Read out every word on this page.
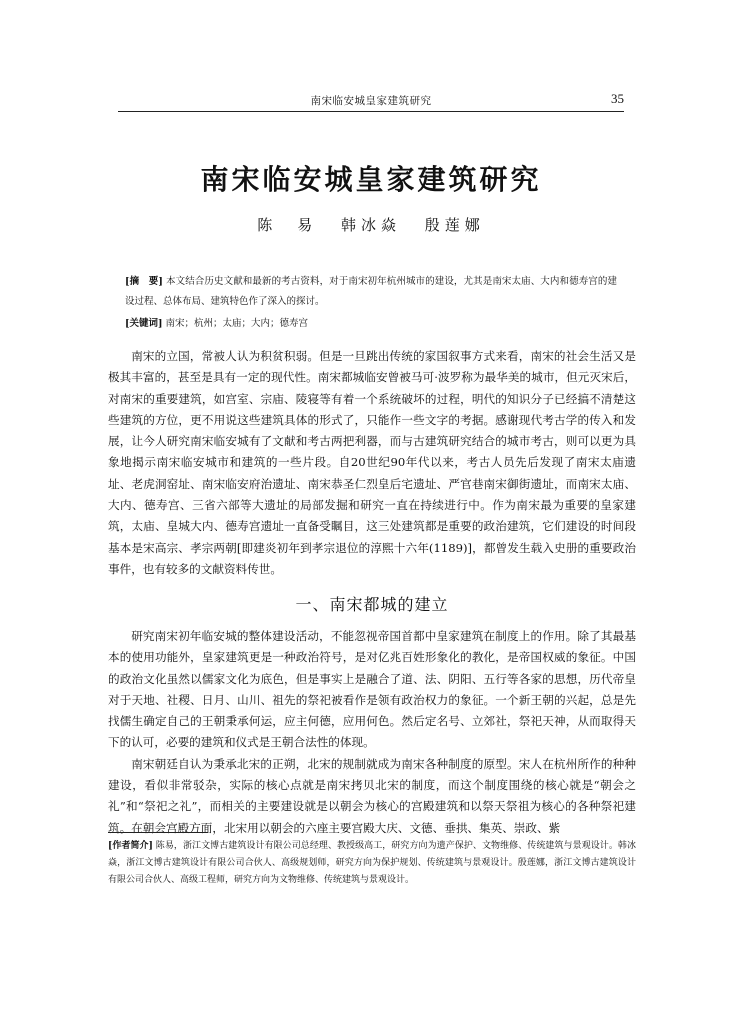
南宋临安城皇家建筑研究	35
南宋临安城皇家建筑研究
陈　易 韩冰焱 殷莲娜
[摘　要] 本文结合历史文献和最新的考古资料，对于南宋初年杭州城市的建设，尤其是南宋太庙、大内和德寿宫的建设过程、总体布局、建筑特色作了深入的探讨。
[关键词] 南宋；杭州；太庙；大内；德寿宫

南宋的立国，常被人认为积贫积弱。但是一旦跳出传统的家国叙事方式来看，南宋的社会生活又是极其丰富的，甚至是具有一定的现代性。南宋都城临安曾被马可·波罗称为最华美的城市，但元灭宋后，对南宋的重要建筑，如宫室、宗庙、陵寝等有着一个系统破坏的过程，明代的知识分子已经搞不清楚这些建筑的方位，更不用说这些建筑具体的形式了，只能作一些文字的考据。感谢现代考古学的传入和发展，让今人研究南宋临安城有了文献和考古两把利器，而与古建筑研究结合的城市考古，则可以更为具象地揭示南宋临安城市和建筑的一些片段。自20世纪90年代以来，考古人员先后发现了南宋太庙遗址、老虎洞窑址、南宋临安府治遗址、南宋恭圣仁烈皇后宅遗址、严官巷南宋御街遗址，而南宋太庙、大内、德寿宫、三省六部等大遗址的局部发掘和研究一直在持续进行中。作为南宋最为重要的皇家建筑，太庙、皇城大内、德寿宫遗址一直备受瞩目，这三处建筑都是重要的政治建筑，它们建设的时间段基本是宋高宗、孝宗两朝[即建炎初年到孝宗退位的淳熙十六年(1189)]，都曾发生载入史册的重要政治事件，也有较多的文献资料传世。

一、南宋都城的建立

研究南宋初年临安城的整体建设活动，不能忽视帝国首都中皇家建筑在制度上的作用。除了其最基本的使用功能外，皇家建筑更是一种政治符号，是对亿兆百姓形象化的教化，是帝国权威的象征。中国的政治文化虽然以儒家文化为底色，但是事实上是融合了道、法、阴阳、五行等各家的思想，历代帝皇对于天地、社稷、日月、山川、祖先的祭祀被看作是领有政治权力的象征。一个新王朝的兴起，总是先找儒生确定自己的王朝秉承何运，应主何德，应用何色。然后定名号、立郊社，祭祀天神，从而取得天下的认可，必要的建筑和仪式是王朝合法性的体现。

南宋朝廷自认为秉承北宋的正朔，北宋的规制就成为南宋各种制度的原型。宋人在杭州所作的种种建设，看似非常驳杂，实际的核心点就是南宋拷贝北宋的制度，而这个制度围绕的核心就是“朝会之礼”和“祭祀之礼”，而相关的主要建设就是以朝会为核心的宫殿建筑和以祭天祭祖为核心的各种祭祀建筑。在朝会宫殿方面，北宋用以朝会的六座主要宫殿大庆、文德、垂拱、集英、崇政、紫

[作者简介] 陈易，浙江文博古建筑设计有限公司总经理、教授级高工，研究方向为遗产保护、文物维修、传统建筑与景观设计。韩冰焱，浙江文博古建筑设计有限公司合伙人、高级规划师，研究方向为保护规划、传统建筑与景观设计。殷莲娜，浙江文博古建筑设计有限公司合伙人、高级工程师，研究方向为文物维修、传统建筑与景观设计。
